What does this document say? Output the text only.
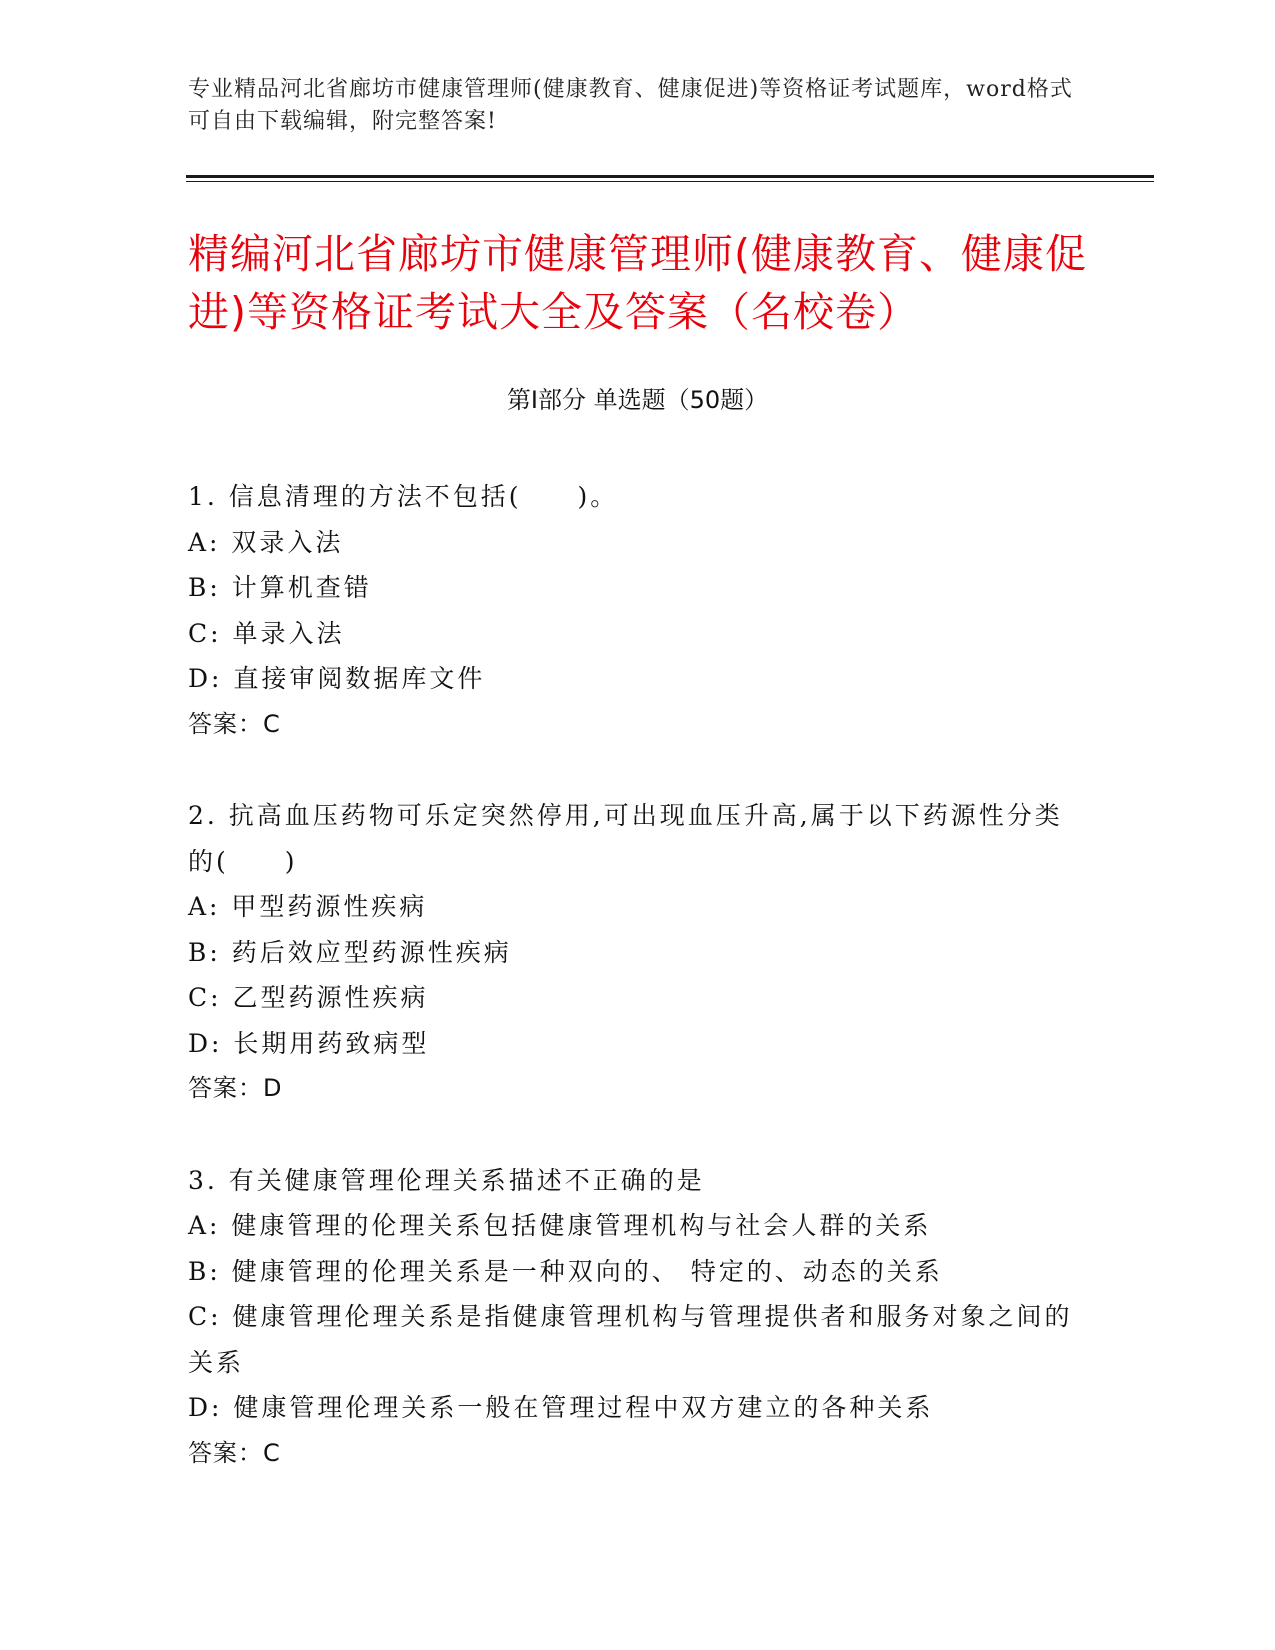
专业精品河北省廊坊市健康管理师(健康教育、健康促进)等资格证考试题库，word格式可自由下载编辑，附完整答案!
精编河北省廊坊市健康管理师(健康教育、健康促进)等资格证考试大全及答案（名校卷）
第Ⅰ部分 单选题（50题）
1. 信息清理的方法不包括(　　)。
A: 双录入法
B: 计算机查错
C: 单录入法
D: 直接审阅数据库文件
答案：C
2. 抗高血压药物可乐定突然停用,可出现血压升高,属于以下药源性分类的(　　)
A: 甲型药源性疾病
B: 药后效应型药源性疾病
C: 乙型药源性疾病
D: 长期用药致病型
答案：D
3. 有关健康管理伦理关系描述不正确的是
A: 健康管理的伦理关系包括健康管理机构与社会人群的关系
B: 健康管理的伦理关系是一种双向的、 特定的、动态的关系
C: 健康管理伦理关系是指健康管理机构与管理提供者和服务对象之间的关系
D: 健康管理伦理关系一般在管理过程中双方建立的各种关系
答案：C
